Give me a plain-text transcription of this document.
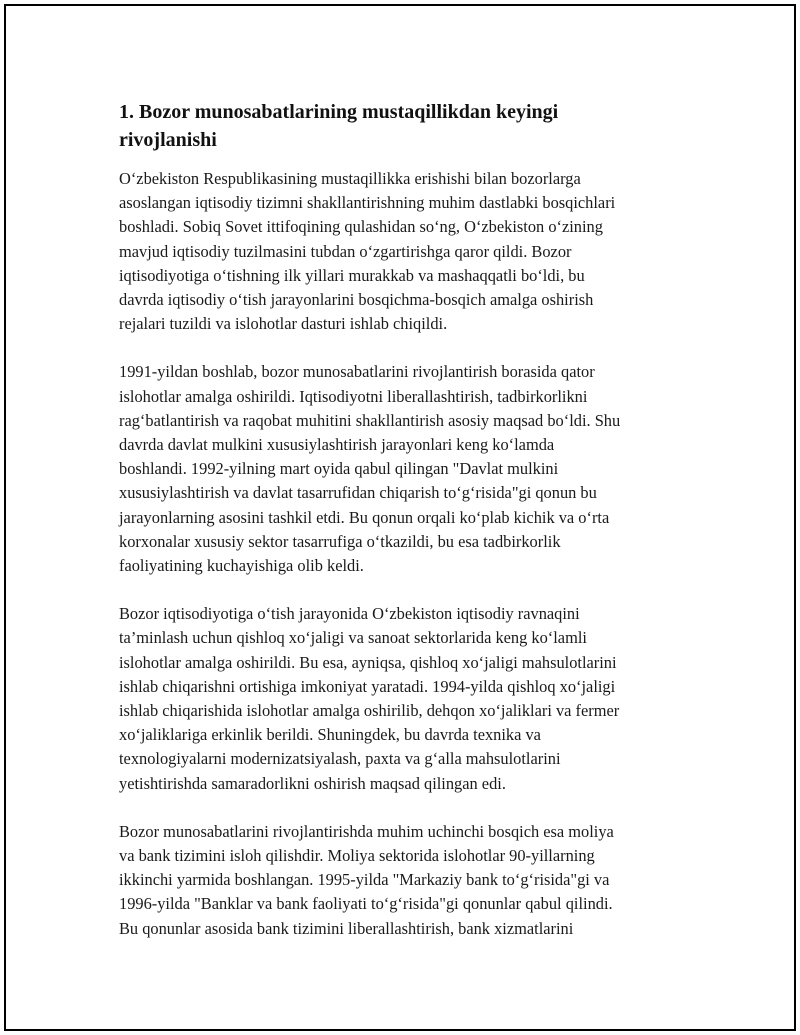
1. Bozor munosabatlarining mustaqillikdan keyingi
rivojlanishi

O‘zbekiston Respublikasining mustaqillikka erishishi bilan bozorlarga
asoslangan iqtisodiy tizimni shakllantirishning muhim dastlabki bosqichlari
boshladi. Sobiq Sovet ittifoqining qulashidan so‘ng, O‘zbekiston o‘zining
mavjud iqtisodiy tuzilmasini tubdan o‘zgartirishga qaror qildi. Bozor
iqtisodiyotiga o‘tishning ilk yillari murakkab va mashaqqatli bo‘ldi, bu
davrda iqtisodiy o‘tish jarayonlarini bosqichma-bosqich amalga oshirish
rejalari tuzildi va islohotlar dasturi ishlab chiqildi.

1991-yildan boshlab, bozor munosabatlarini rivojlantirish borasida qator
islohotlar amalga oshirildi. Iqtisodiyotni liberallashtirish, tadbirkorlikni
rag‘batlantirish va raqobat muhitini shakllantirish asosiy maqsad bo‘ldi. Shu
davrda davlat mulkini xususiylashtirish jarayonlari keng ko‘lamda
boshlandi. 1992-yilning mart oyida qabul qilingan "Davlat mulkini
xususiylashtirish va davlat tasarrufidan chiqarish to‘g‘risida"gi qonun bu
jarayonlarning asosini tashkil etdi. Bu qonun orqali ko‘plab kichik va o‘rta
korxonalar xususiy sektor tasarrufiga o‘tkazildi, bu esa tadbirkorlik
faoliyatining kuchayishiga olib keldi.

Bozor iqtisodiyotiga o‘tish jarayonida O‘zbekiston iqtisodiy ravnaqini
ta’minlash uchun qishloq xo‘jaligi va sanoat sektorlarida keng ko‘lamli
islohotlar amalga oshirildi. Bu esa, ayniqsa, qishloq xo‘jaligi mahsulotlarini
ishlab chiqarishni ortishiga imkoniyat yaratadi. 1994-yilda qishloq xo‘jaligi
ishlab chiqarishida islohotlar amalga oshirilib, dehqon xo‘jaliklari va fermer
xo‘jaliklariga erkinlik berildi. Shuningdek, bu davrda texnika va
texnologiyalarni modernizatsiyalash, paxta va g‘alla mahsulotlarini
yetishtirishda samaradorlikni oshirish maqsad qilingan edi.

Bozor munosabatlarini rivojlantirishda muhim uchinchi bosqich esa moliya
va bank tizimini isloh qilishdir. Moliya sektorida islohotlar 90-yillarning
ikkinchi yarmida boshlangan. 1995-yilda "Markaziy bank to‘g‘risida"gi va
1996-yilda "Banklar va bank faoliyati to‘g‘risida"gi qonunlar qabul qilindi.
Bu qonunlar asosida bank tizimini liberallashtirish, bank xizmatlarini
